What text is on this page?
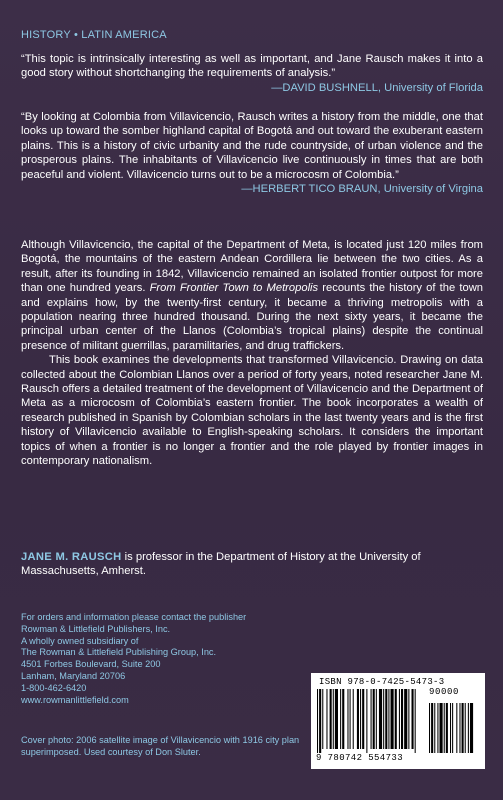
HISTORY • LATIN AMERICA
“This topic is intrinsically interesting as well as important, and Jane Rausch makes it into a good story without shortchanging the requirements of analysis.”
—DAVID BUSHNELL, University of Florida
“By looking at Colombia from Villavicencio, Rausch writes a history from the middle, one that looks up toward the somber highland capital of Bogotá and out toward the exuberant eastern plains. This is a history of civic urbanity and the rude countryside, of urban violence and the prosperous plains. The inhabitants of Villavicencio live continuously in times that are both peaceful and violent. Villavicencio turns out to be a microcosm of Colombia.”
—HERBERT TICO BRAUN, University of Virgina

Although Villavicencio, the capital of the Department of Meta, is located just 120 miles from Bogotá, the mountains of the eastern Andean Cordillera lie between the two cities. As a result, after its founding in 1842, Villavicencio remained an isolated frontier outpost for more than one hundred years. From Frontier Town to Metropolis recounts the history of the town and explains how, by the twenty-first century, it became a thriving metropolis with a population nearing three hundred thousand. During the next sixty years, it became the principal urban center of the Llanos (Colombia’s tropical plains) despite the continual presence of militant guerrillas, paramilitaries, and drug traffickers.

This book examines the developments that transformed Villavicencio. Drawing on data collected about the Colombian Llanos over a period of forty years, noted researcher Jane M. Rausch offers a detailed treatment of the development of Villavicencio and the Department of Meta as a microcosm of Colombia’s eastern frontier. The book incorporates a wealth of research published in Spanish by Colombian scholars in the last twenty years and is the first history of Villavicencio available to English-speaking scholars. It considers the important topics of when a frontier is no longer a frontier and the role played by frontier images in contemporary nationalism.

JANE M. RAUSCH is professor in the Department of History at the University of Massachusetts, Amherst.
For orders and information please contact the publisher
Rowman & Littlefield Publishers, Inc.
A wholly owned subsidiary of
The Rowman & Littlefield Publishing Group, Inc.
4501 Forbes Boulevard, Suite 200
Lanham, Maryland 20706
1-800-462-6420
www.rowmanlittlefield.com
Cover photo: 2006 satellite image of Villavicencio with 1916 city plan superimposed. Used courtesy of Don Sluter.
ISBN 978-0-7425-5473-3
90000
9 780742 554733
